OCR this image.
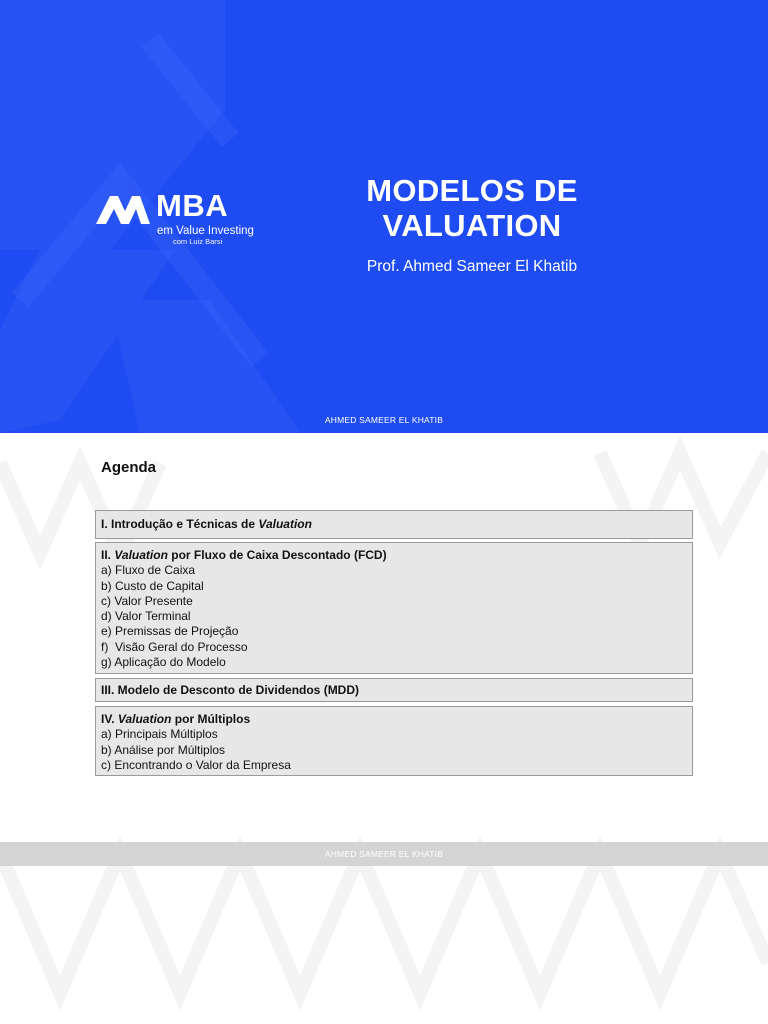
MBA
em Value Investing
com Luiz Barsi
MODELOS DE
VALUATION
Prof. Ahmed Sameer El Khatib
AHMED SAMEER EL KHATIB
Agenda
I. Introdução e Técnicas de Valuation
II. Valuation por Fluxo de Caixa Descontado (FCD)
a) Fluxo de Caixa
b) Custo de Capital
c) Valor Presente
d) Valor Terminal
e) Premissas de Projeção
f)  Visão Geral do Processo
g) Aplicação do Modelo
III. Modelo de Desconto de Dividendos (MDD)
IV. Valuation por Múltiplos
a) Principais Múltiplos
b) Análise por Múltiplos
c) Encontrando o Valor da Empresa
AHMED SAMEER EL KHATIB
